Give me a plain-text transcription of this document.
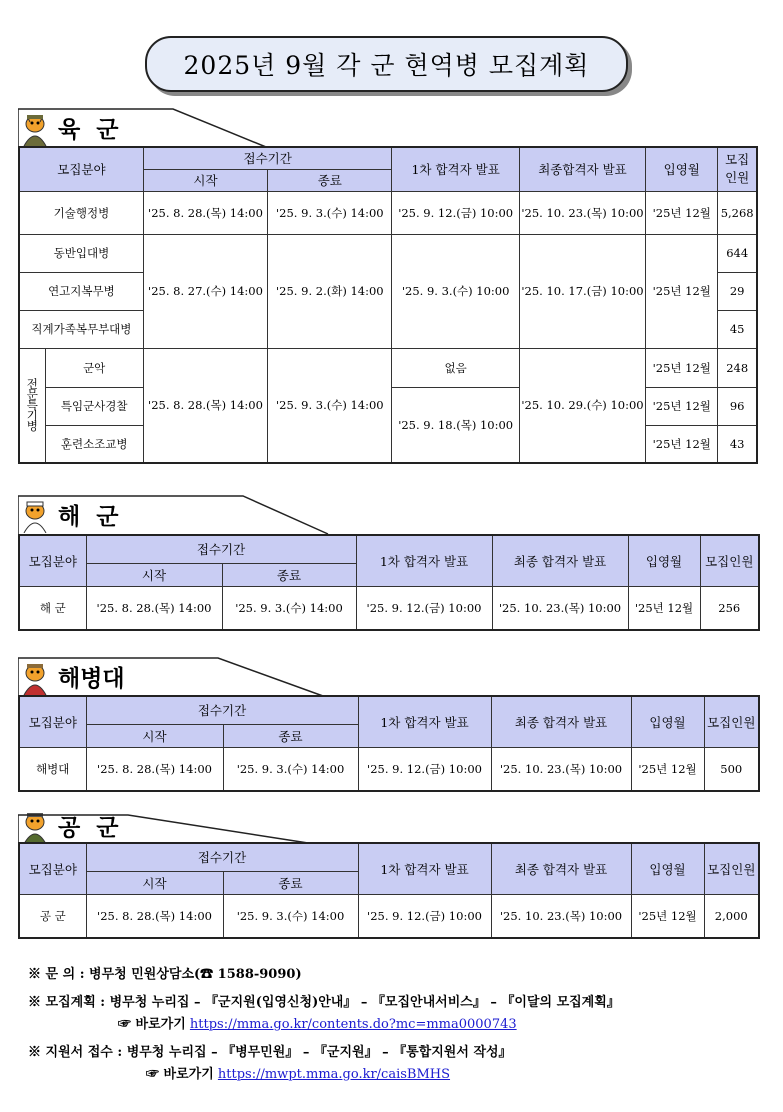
2025년 9월 각 군 현역병 모집계획
육 군
모집분야		접수기간		1차 합격자 발표	최종합격자 발표	입영월	모집
인원
		시작	종료				
기술행정병		'25. 8. 28.(목) 14:00	'25. 9. 3.(수) 14:00	'25. 9. 12.(금) 10:00	'25. 10. 23.(목) 10:00	'25년 12월	5,268
동반입대병		'25. 8. 27.(수) 14:00	'25. 9. 2.(화) 14:00	'25. 9. 3.(수) 10:00	'25. 10. 17.(금) 10:00	'25년 12월	644
연고지복무병							29
직계가족복무부대병							45
전문특기병	군악	'25. 8. 28.(목) 14:00	'25. 9. 3.(수) 14:00	없음	'25. 10. 29.(수) 10:00	'25년 12월	248
	특임군사경찰			'25. 9. 18.(목) 10:00		'25년 12월	96
	훈련소조교병					'25년 12월	43
해 군
모집분야	접수기간		1차 합격자 발표	최종 합격자 발표	입영월	모집인원
	시작	종료				
해 군	'25. 8. 28.(목) 14:00	'25. 9. 3.(수) 14:00	'25. 9. 12.(금) 10:00	'25. 10. 23.(목) 10:00	'25년 12월	256
해병대
모집분야	접수기간		1차 합격자 발표	최종 합격자 발표	입영월	모집인원
	시작	종료				
해병대	'25. 8. 28.(목) 14:00	'25. 9. 3.(수) 14:00	'25. 9. 12.(금) 10:00	'25. 10. 23.(목) 10:00	'25년 12월	500
공 군
모집분야	접수기간		1차 합격자 발표	최종 합격자 발표	입영월	모집인원
	시작	종료				
공 군	'25. 8. 28.(목) 14:00	'25. 9. 3.(수) 14:00	'25. 9. 12.(금) 10:00	'25. 10. 23.(목) 10:00	'25년 12월	2,000
※ 문 의 : 병무청 민원상담소(☎ 1588-9090)
※ 모집계획 : 병무청 누리집 – 『군지원(입영신청)안내』 – 『모집안내서비스』 – 『이달의 모집계획』
☞ 바로가기 https://mma.go.kr/contents.do?mc=mma0000743
※ 지원서 접수 : 병무청 누리집 – 『병무민원』 – 『군지원』 – 『통합지원서 작성』
☞ 바로가기 https://mwpt.mma.go.kr/caisBMHS
